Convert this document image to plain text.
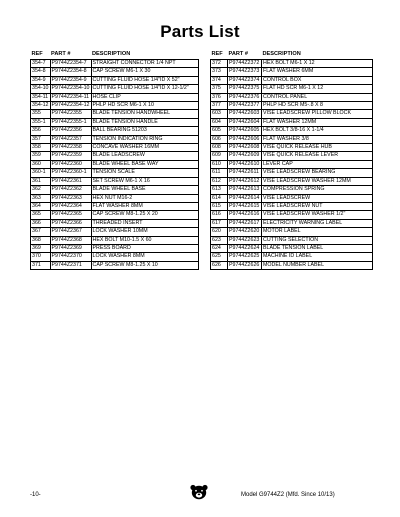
Parts List
REF	PART #	DESCRIPTION
354-7	P9744Z2354-7	STRAIGHT CONNECTOR 1/4 NPT
354-8	P9744Z2354-8	CAP SCREW M6-1 X 30
354-9	P9744Z2354-9	CUTTING FLUID HOSE 1/4"ID X 52"
354-10	P9744Z2354-10	CUTTING FLUID HOSE 1/4"ID X 12-1/2"
354-11	P9744Z2354-11	HOSE CLIP
354-12	P9744Z2354-12	PHLP HD SCR M6-1 X 10
355	P9744Z2355	BLADE TENSION HANDWHEEL
355-1	P9744Z2355-1	BLADE TENSION HANDLE
356	P9744Z2356	BALL BEARING 51203
357	P9744Z2357	TENSION INDICATION RING
358	P9744Z2358	CONCAVE WASHER 16MM
359	P9744Z2359	BLADE LEADSCREW
360	P9744Z2360	BLADE WHEEL BASE WAY
360-1	P9744Z2360-1	TENSION SCALE
361	P9744Z2361	SET SCREW M6-1 X 16
362	P9744Z2362	BLADE WHEEL BASE
363	P9744Z2363	HEX NUT M16-2
364	P9744Z2364	FLAT WASHER 8MM
365	P9744Z2365	CAP SCREW M8-1.25 X 20
366	P9744Z2366	THREADED INSERT
367	P9744Z2367	LOCK WASHER 10MM
368	P9744Z2368	HEX BOLT M10-1.5 X 60
369	P9744Z2369	PRESS BOARD
370	P9744Z2370	LOCK WASHER 8MM
371	P9744Z2371	CAP SCREW M8-1.25 X 10
REF	PART #	DESCRIPTION
372	P9744Z2372	HEX BOLT M6-1 X 12
373	P9744Z2373	FLAT WASHER 6MM
374	P9744Z2374	CONTROL BOX
375	P9744Z2375	FLAT HD SCR M6-1 X 12
376	P9744Z2376	CONTROL PANEL
377	P9744Z2377	PHLP HD SCR M5-.8 X 8
603	P9744Z2603	VISE LEADSCREW PILLOW BLOCK
604	P9744Z2604	FLAT WASHER 12MM
605	P9744Z2605	HEX BOLT 3/8-16 X 1-1/4
606	P9744Z2606	FLAT WASHER 3/8
608	P9744Z2608	VISE QUICK RELEASE HUB
609	P9744Z2609	VISE QUICK RELEASE LEVER
610	P9744Z2610	LEVER CAP
611	P9744Z2611	VISE LEADSCREW BEARING
612	P9744Z2612	VISE LEADSCREW WASHER 12MM
613	P9744Z2613	COMPRESSION SPRING
614	P9744Z2614	VISE LEADSCREW
615	P9744Z2615	VISE LEADSCREW NUT
616	P9744Z2616	VISE LEADSCREW WASHER 1/2"
617	P9744Z2617	ELECTRICITY WARNING LABEL
620	P9744Z2620	MOTOR LABEL
623	P9744Z2623	CUTTING SELECTION
624	P9744Z2624	BLADE TENSION LABEL
625	P9744Z2625	MACHINE ID LABEL
626	P9744Z2626	MODEL NUMBER LABEL
-10-	Model G9744Z2 (Mfd. Since 10/13)
